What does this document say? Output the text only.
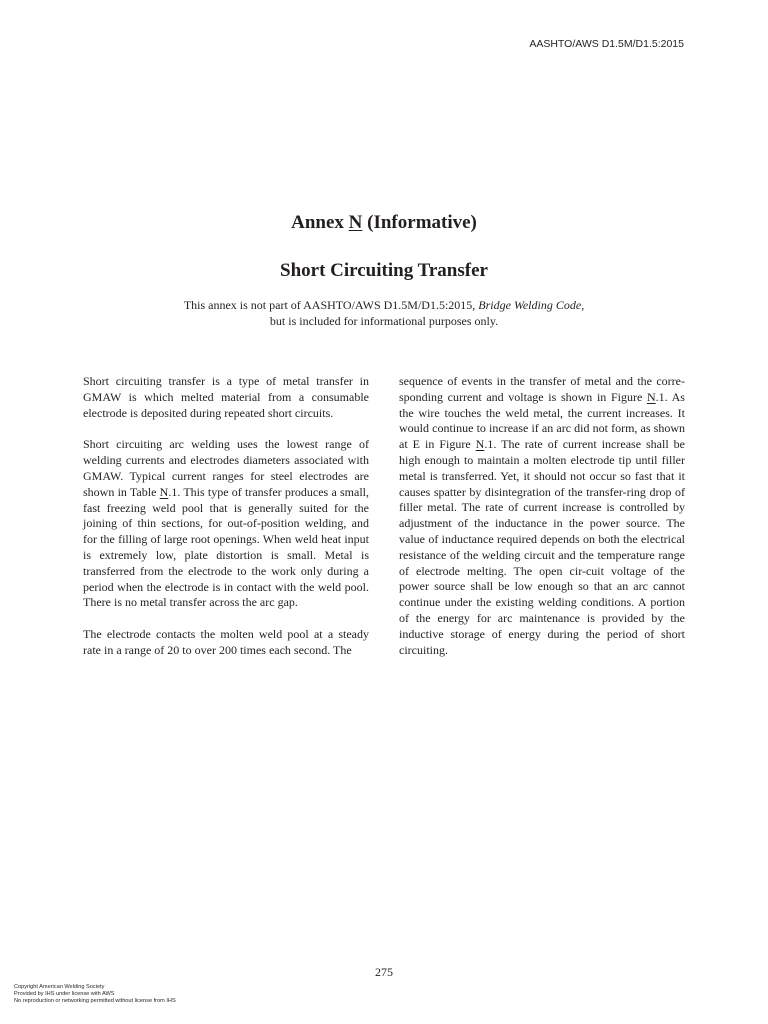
AASHTO/AWS D1.5M/D1.5:2015
Annex N (Informative)
Short Circuiting Transfer
This annex is not part of AASHTO/AWS D1.5M/D1.5:2015, Bridge Welding Code,
but is included for informational purposes only.

Short circuiting transfer is a type of metal transfer in GMAW is which melted material from a consumable electrode is deposited during repeated short circuits.

Short circuiting arc welding uses the lowest range of welding currents and electrodes diameters associated with GMAW. Typical current ranges for steel electrodes are shown in Table N.1. This type of transfer produces a small, fast freezing weld pool that is generally suited for the joining of thin sections, for out-of-position welding, and for the filling of large root openings. When weld heat input is extremely low, plate distortion is small. Metal is transferred from the electrode to the work only during a period when the electrode is in contact with the weld pool. There is no metal transfer across the arc gap.

The electrode contacts the molten weld pool at a steady rate in a range of 20 to over 200 times each second. The

sequence of events in the transfer of metal and the corre-sponding current and voltage is shown in Figure N.1. As the wire touches the weld metal, the current increases. It would continue to increase if an arc did not form, as shown at E in Figure N.1. The rate of current increase shall be high enough to maintain a molten electrode tip until filler metal is transferred. Yet, it should not occur so fast that it causes spatter by disintegration of the transfer-ring drop of filler metal. The rate of current increase is controlled by adjustment of the inductance in the power source. The value of inductance required depends on both the electrical resistance of the welding circuit and the temperature range of electrode melting. The open cir-cuit voltage of the power source shall be low enough so that an arc cannot continue under the existing welding conditions. A portion of the energy for arc maintenance is provided by the inductive storage of energy during the period of short circuiting.

275
Copyright American Welding Society
Provided by IHS under license with AWS
No reproduction or networking permitted without license from IHS
